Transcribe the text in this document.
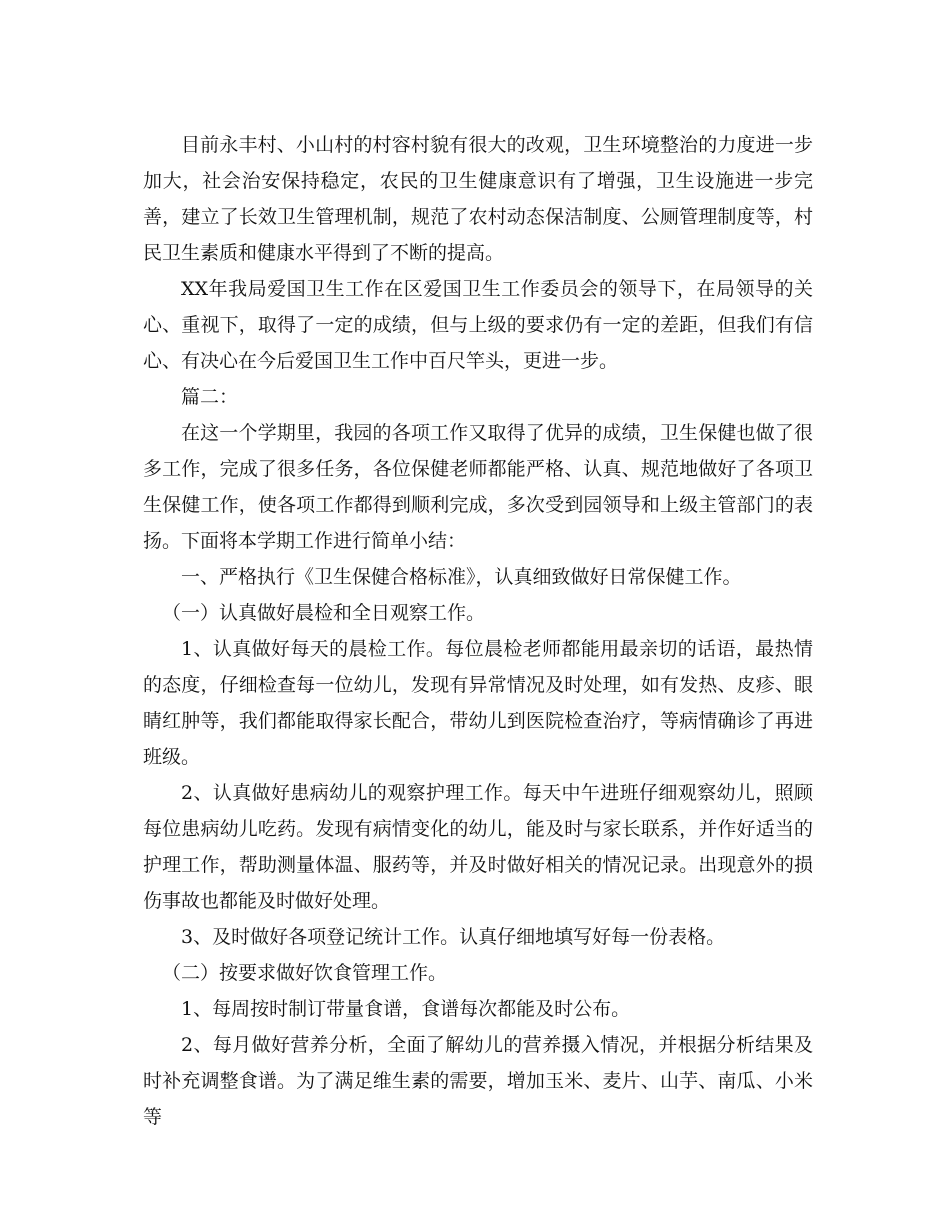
目前永丰村、小山村的村容村貌有很大的改观，卫生环境整治的力度进一步加大，社会治安保持稳定，农民的卫生健康意识有了增强，卫生设施进一步完善，建立了长效卫生管理机制，规范了农村动态保洁制度、公厕管理制度等，村民卫生素质和健康水平得到了不断的提高。

XX年我局爱国卫生工作在区爱国卫生工作委员会的领导下，在局领导的关心、重视下，取得了一定的成绩，但与上级的要求仍有一定的差距，但我们有信心、有决心在今后爱国卫生工作中百尺竿头，更进一步。

篇二：

在这一个学期里，我园的各项工作又取得了优异的成绩，卫生保健也做了很多工作，完成了很多任务，各位保健老师都能严格、认真、规范地做好了各项卫生保健工作，使各项工作都得到顺利完成，多次受到园领导和上级主管部门的表扬。下面将本学期工作进行简单小结：

一、严格执行《卫生保健合格标准》，认真细致做好日常保健工作。

（一）认真做好晨检和全日观察工作。

1、认真做好每天的晨检工作。每位晨检老师都能用最亲切的话语，最热情的态度，仔细检查每一位幼儿，发现有异常情况及时处理，如有发热、皮疹、眼睛红肿等，我们都能取得家长配合，带幼儿到医院检查治疗，等病情确诊了再进班级。

2、认真做好患病幼儿的观察护理工作。每天中午进班仔细观察幼儿，照顾每位患病幼儿吃药。发现有病情变化的幼儿，能及时与家长联系，并作好适当的护理工作，帮助测量体温、服药等，并及时做好相关的情况记录。出现意外的损伤事故也都能及时做好处理。

3、及时做好各项登记统计工作。认真仔细地填写好每一份表格。

（二）按要求做好饮食管理工作。

1、每周按时制订带量食谱，食谱每次都能及时公布。

2、每月做好营养分析，全面了解幼儿的营养摄入情况，并根据分析结果及时补充调整食谱。为了满足维生素的需要，增加玉米、麦片、山芋、南瓜、小米等
